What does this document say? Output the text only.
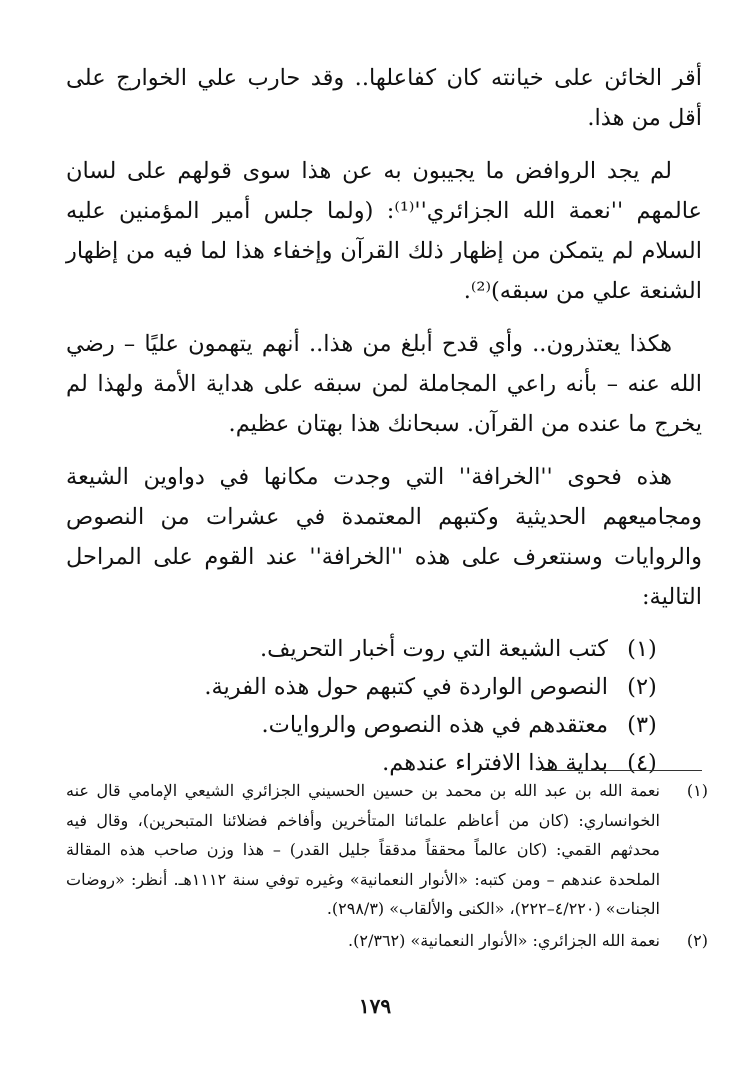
أقر الخائن على خيانته كان كفاعلها.. وقد حارب علي الخوارج على أقل من هذا.

لم يجد الروافض ما يجيبون به عن هذا سوى قولهم على لسان عالمهم ''نعمة الله الجزائري''⁽¹⁾: (ولما جلس أمير المؤمنين عليه السلام لم يتمكن من إظهار ذلك القرآن وإخفاء هذا لما فيه من إظهار الشنعة علي من سبقه)⁽²⁾.

هكذا يعتذرون.. وأي قدح أبلغ من هذا.. أنهم يتهمون عليًا – رضي الله عنه – بأنه راعي المجاملة لمن سبقه على هداية الأمة ولهذا لم يخرج ما عنده من القرآن. سبحانك هذا بهتان عظيم.

هذه فحوى ''الخرافة'' التي وجدت مكانها في دواوين الشيعة ومجاميعهم الحديثية وكتبهم المعتمدة في عشرات من النصوص والروايات وسنتعرف على هذه ''الخرافة'' عند القوم على المراحل التالية:

(١)
كتب الشيعة التي روت أخبار التحريف.
(٢)
النصوص الواردة في كتبهم حول هذه الفرية.
(٣)
معتقدهم في هذه النصوص والروايات.
(٤)
بداية هذا الافتراء عندهم.
(١)
نعمة الله بن عبد الله بن محمد بن حسين الحسيني الجزائري الشيعي الإمامي قال عنه الخوانساري: (كان من أعاظم علمائنا المتأخرين وأفاخم فضلائنا المتبحرين)، وقال فيه محدثهم القمي: (كان عالماً محققاً مدققاً جليل القدر) – هذا وزن صاحب هذه المقالة الملحدة عندهم – ومن كتبه: «الأنوار النعمانية» وغيره توفي سنة ١١١٢هـ. أنظر: «روضات الجنات» (٤/٢٢٠–٢٢٢)، «الكنى والألقاب» (٢٩٨/٣).
(٢)
نعمة الله الجزائري: «الأنوار النعمانية» (٢/٣٦٢).
١٧٩
